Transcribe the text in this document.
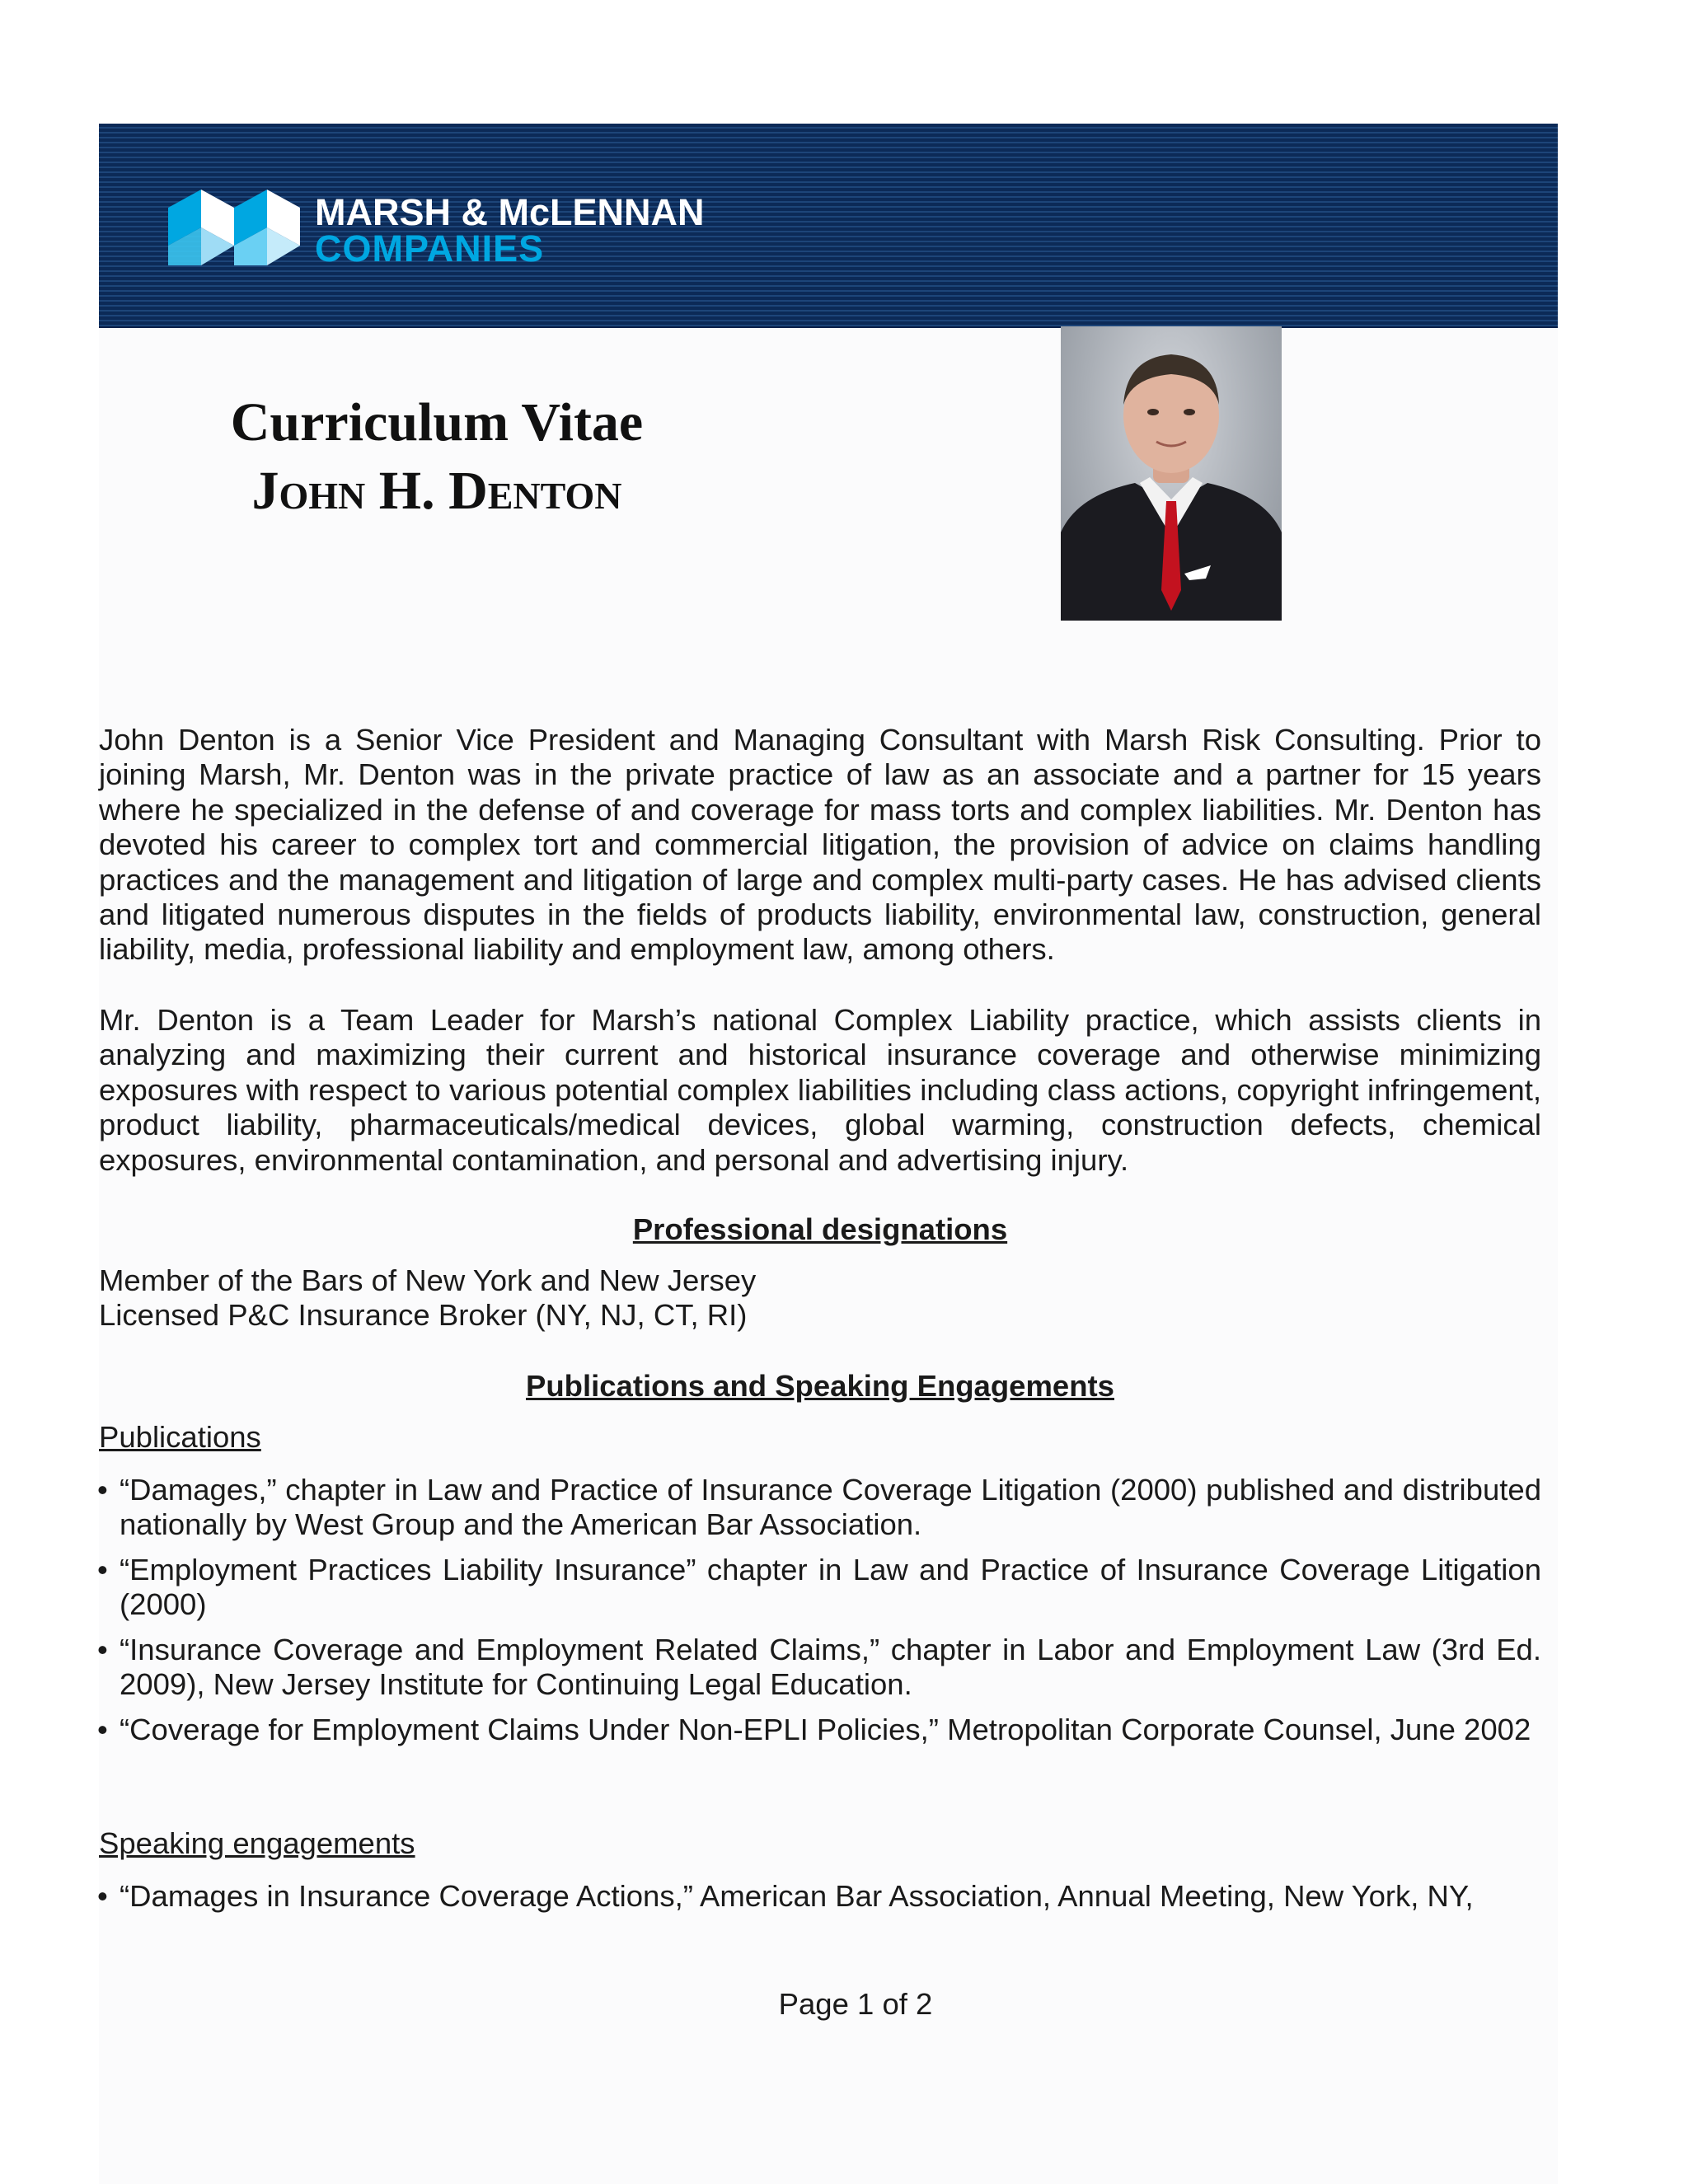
MARSH & McLENNAN
COMPANIES
Curriculum Vitae
John H. Denton

John Denton is a Senior Vice President and Managing Consultant with Marsh Risk Consulting. Prior to joining Marsh, Mr. Denton was in the private practice of law as an associate and a partner for 15 years where he specialized in the defense of and coverage for mass torts and complex liabilities. Mr. Denton has devoted his career to complex tort and commercial litigation, the provision of advice on claims handling practices and the management and litigation of large and complex multi-party cases. He has advised clients and litigated numerous disputes in the fields of products liability, environmental law, construction, general liability, media, professional liability and employment law, among others.

Mr. Denton is a Team Leader for Marsh’s national Complex Liability practice, which assists clients in analyzing and maximizing their current and historical insurance coverage and otherwise minimizing exposures with respect to various potential complex liabilities including class actions, copyright infringement, product liability, pharmaceuticals/medical devices, global warming, construction defects, chemical exposures, environmental contamination, and personal and advertising injury.

Professional designations
Member of the Bars of New York and New Jersey
Licensed P&C Insurance Broker (NY, NJ, CT, RI)
Publications and Speaking Engagements
Publications
• “Damages,” chapter in Law and Practice of Insurance Coverage Litigation (2000) published and distributed nationally by West Group and the American Bar Association.
• “Employment Practices Liability Insurance” chapter in Law and Practice of Insurance Coverage Litigation (2000)
• “Insurance Coverage and Employment Related Claims,” chapter in Labor and Employment Law (3rd Ed. 2009), New Jersey Institute for Continuing Legal Education.
• “Coverage for Employment Claims Under Non-EPLI Policies,” Metropolitan Corporate Counsel, June 2002
Speaking engagements
• “Damages in Insurance Coverage Actions,” American Bar Association, Annual Meeting, New York, NY,
Page 1 of 2
